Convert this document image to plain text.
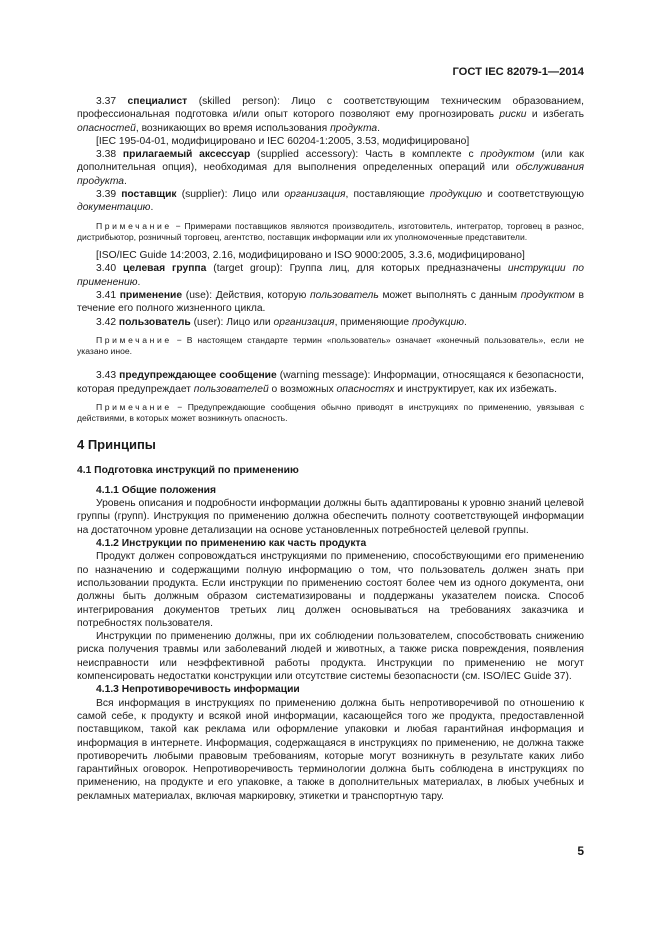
ГОСТ IEC 82079-1—2014

3.37 специалист (skilled person): Лицо с соответствующим техническим образованием, профессиональная подготовка и/или опыт которого позволяют ему прогнозировать риски и избегать опасностей, возникающих во время использования продукта.

[IEC 195-04-01, модифицировано и IEC 60204-1:2005, 3.53, модифицировано]

3.38 прилагаемый аксессуар (supplied accessory): Часть в комплекте с продуктом (или как дополнительная опция), необходимая для выполнения определенных операций или обслуживания продукта.

3.39 поставщик (supplier): Лицо или организация, поставляющие продукцию и соответствующую документацию.

Примечание − Примерами поставщиков являются производитель, изготовитель, интегратор, торговец в разнос, дистрибьютор, розничный торговец, агентство, поставщик информации или их уполномоченные представители.

[ISO/IEC Guide 14:2003, 2.16, модифицировано и ISO 9000:2005, 3.3.6, модифицировано]

3.40 целевая группа (target group): Группа лиц, для которых предназначены инструкции по применению.

3.41 применение (use): Действия, которую пользователь может выполнять с данным продуктом в течение его полного жизненного цикла.

3.42 пользователь (user): Лицо или организация, применяющие продукцию.

Примечание − В настоящем стандарте термин «пользователь» означает «конечный пользователь», если не указано иное.

3.43 предупреждающее сообщение (warning message): Информации, относящаяся к безопасности, которая предупреждает пользователей о возможных опасностях и инструктирует, как их избежать.

Примечание − Предупреждающие сообщения обычно приводят в инструкциях по применению, увязывая с действиями, в которых может возникнуть опасность.

4 Принципы
4.1 Подготовка инструкций по применению

4.1.1 Общие положения

Уровень описания и подробности информации должны быть адаптированы к уровню знаний целевой группы (групп). Инструкция по применению должна обеспечить полноту соответствующей информации на достаточном уровне детализации на основе установленных потребностей целевой группы.

4.1.2 Инструкции по применению как часть продукта

Продукт должен сопровождаться инструкциями по применению, способствующими его применению по назначению и содержащими полную информацию о том, что пользователь должен знать при использовании продукта. Если инструкции по применению состоят более чем из одного документа, они должны быть должным образом систематизированы и поддержаны указателем поиска. Способ интегрирования документов третьих лиц должен основываться на требованиях заказчика и потребностях пользователя.

Инструкции по применению должны, при их соблюдении пользователем, способствовать снижению риска получения травмы или заболеваний людей и животных, а также риска повреждения, появления неисправности или неэффективной работы продукта. Инструкции по применению не могут компенсировать недостатки конструкции или отсутствие системы безопасности (см. ISO/IEC Guide 37).

4.1.3 Непротиворечивость информации

Вся информация в инструкциях по применению должна быть непротиворечивой по отношению к самой себе, к продукту и всякой иной информации, касающейся того же продукта, предоставленной поставщиком, такой как реклама или оформление упаковки и любая гарантийная информация и информация в интернете. Информация, содержащаяся в инструкциях по применению, не должна также противоречить любыми правовым требованиям, которые могут возникнуть в результате каких либо гарантийных оговорок. Непротиворечивость терминологии должна быть соблюдена в инструкциях по применению, на продукте и его упаковке, а также в дополнительных материалах, в любых учебных и рекламных материалах, включая маркировку, этикетки и транспортную тару.

5
